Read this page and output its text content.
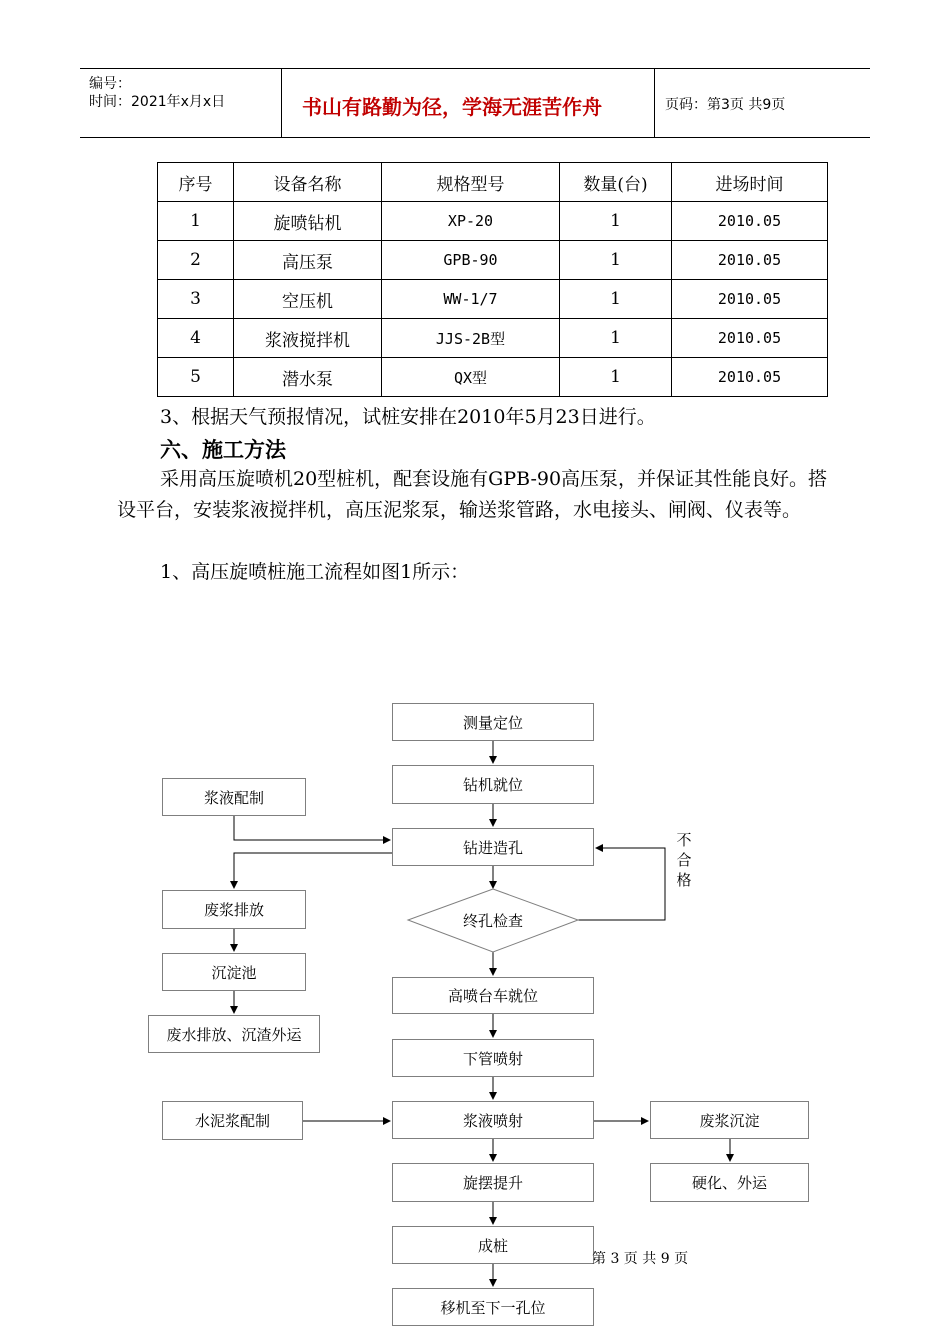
编号：
时间：2021年x月x日	书山有路勤为径，学海无涯苦作舟	页码：第3页 共9页
序号	设备名称	规格型号	数量(台)	进场时间
1	旋喷钻机	XP-20	1	2010.05
2	高压泵	GPB-90	1	2010.05
3	空压机	WW-1/7	1	2010.05
4	浆液搅拌机	JJS-2B型	1	2010.05
5	潜水泵	QX型	1	2010.05
3、根据天气预报情况，试桩安排在2010年5月23日进行。
六、施工方法
采用高压旋喷机20型桩机，配套设施有GPB-90高压泵，并保证其性能良好。搭设平台，安装浆液搅拌机，高压泥浆泵，输送浆管路，水电接头、闸阀、仪表等。
1、高压旋喷桩施工流程如图1所示：
终孔检查
不
合
格
测量定位
钻机就位
钻进造孔
高喷台车就位
下管喷射
浆液喷射
旋摆提升
成桩
移机至下一孔位
浆液配制
废浆排放
沉淀池
废水排放、沉渣外运
水泥浆配制	废浆沉淀
硬化、外运
第 3 页 共 9 页
